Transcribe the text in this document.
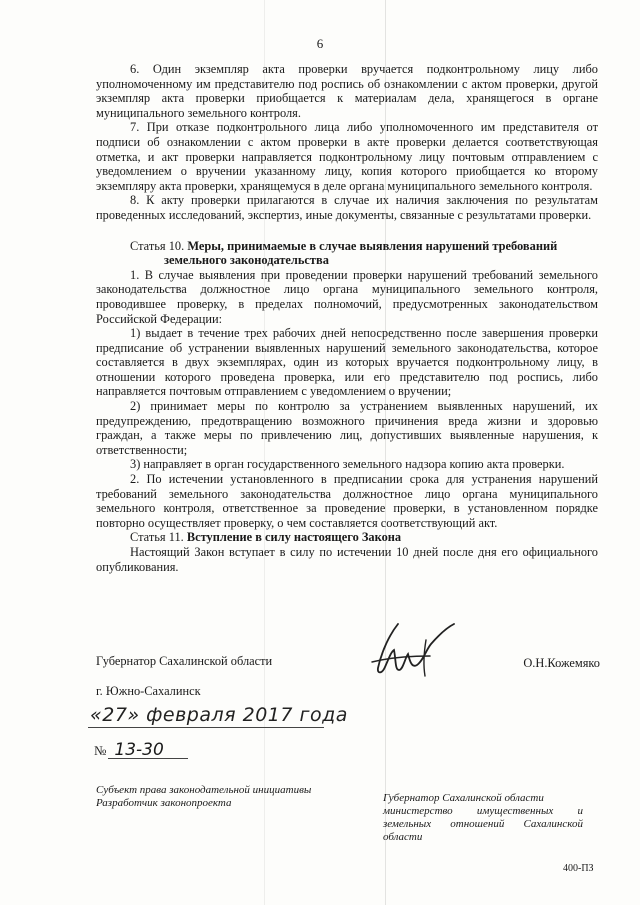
6

6. Один экземпляр акта проверки вручается подконтрольному лицу либо уполномоченному им представителю под роспись об ознакомлении с актом проверки, другой экземпляр акта проверки приобщается к материалам дела, хранящегося в органе муниципального земельного контроля.

7. При отказе подконтрольного лица либо уполномоченного им представителя от подписи об ознакомлении с актом проверки в акте проверки делается соответствующая отметка, и акт проверки направляется подконтрольному лицу почтовым отправлением с уведомлением о вручении указанному лицу, копия которого приобщается ко второму экземпляру акта проверки, хранящемуся в деле органа муниципального земельного контроля.

8. К акту проверки прилагаются в случае их наличия заключения по результатам проведенных исследований, экспертиз, иные документы, связанные с результатами проверки.

Статья 10. Меры, принимаемые в случае выявления нарушений требований

земельного законодательства

1. В случае выявления при проведении проверки нарушений требований земельного законодательства должностное лицо органа муниципального земельного контроля, проводившее проверку, в пределах полномочий, предусмотренных законодательством Российской Федерации:

1) выдает в течение трех рабочих дней непосредственно после завершения проверки предписание об устранении выявленных нарушений земельного законодательства, которое составляется в двух экземплярах, один из которых вручается подконтрольному лицу, в отношении которого проведена проверка, или его представителю под роспись, либо направляется почтовым отправлением с уведомлением о вручении;

2) принимает меры по контролю за устранением выявленных нарушений, их предупреждению, предотвращению возможного причинения вреда жизни и здоровью граждан, а также меры по привлечению лиц, допустивших выявленные нарушения, к ответственности;

3) направляет в орган государственного земельного надзора копию акта проверки.

2. По истечении установленного в предписании срока для устранения нарушений требований земельного законодательства должностное лицо органа муниципального земельного контроля, ответственное за проведение проверки, в установленном порядке повторно осуществляет проверку, о чем составляется соответствующий акт.

Статья 11. Вступление в силу настоящего Закона

Настоящий Закон вступает в силу по истечении 10 дней после дня его официального опубликования.

Губернатор Сахалинской области	О.Н.Кожемяко
г. Южно-Сахалинск
«27» февраля 2017 года
№ 13-30
Субъект права законодательной инициативы
Разработчик законопроекта	Губернатор Сахалинской области
министерство имущественных и
земельных отношений Сахалинской
области
400-ПЗ
